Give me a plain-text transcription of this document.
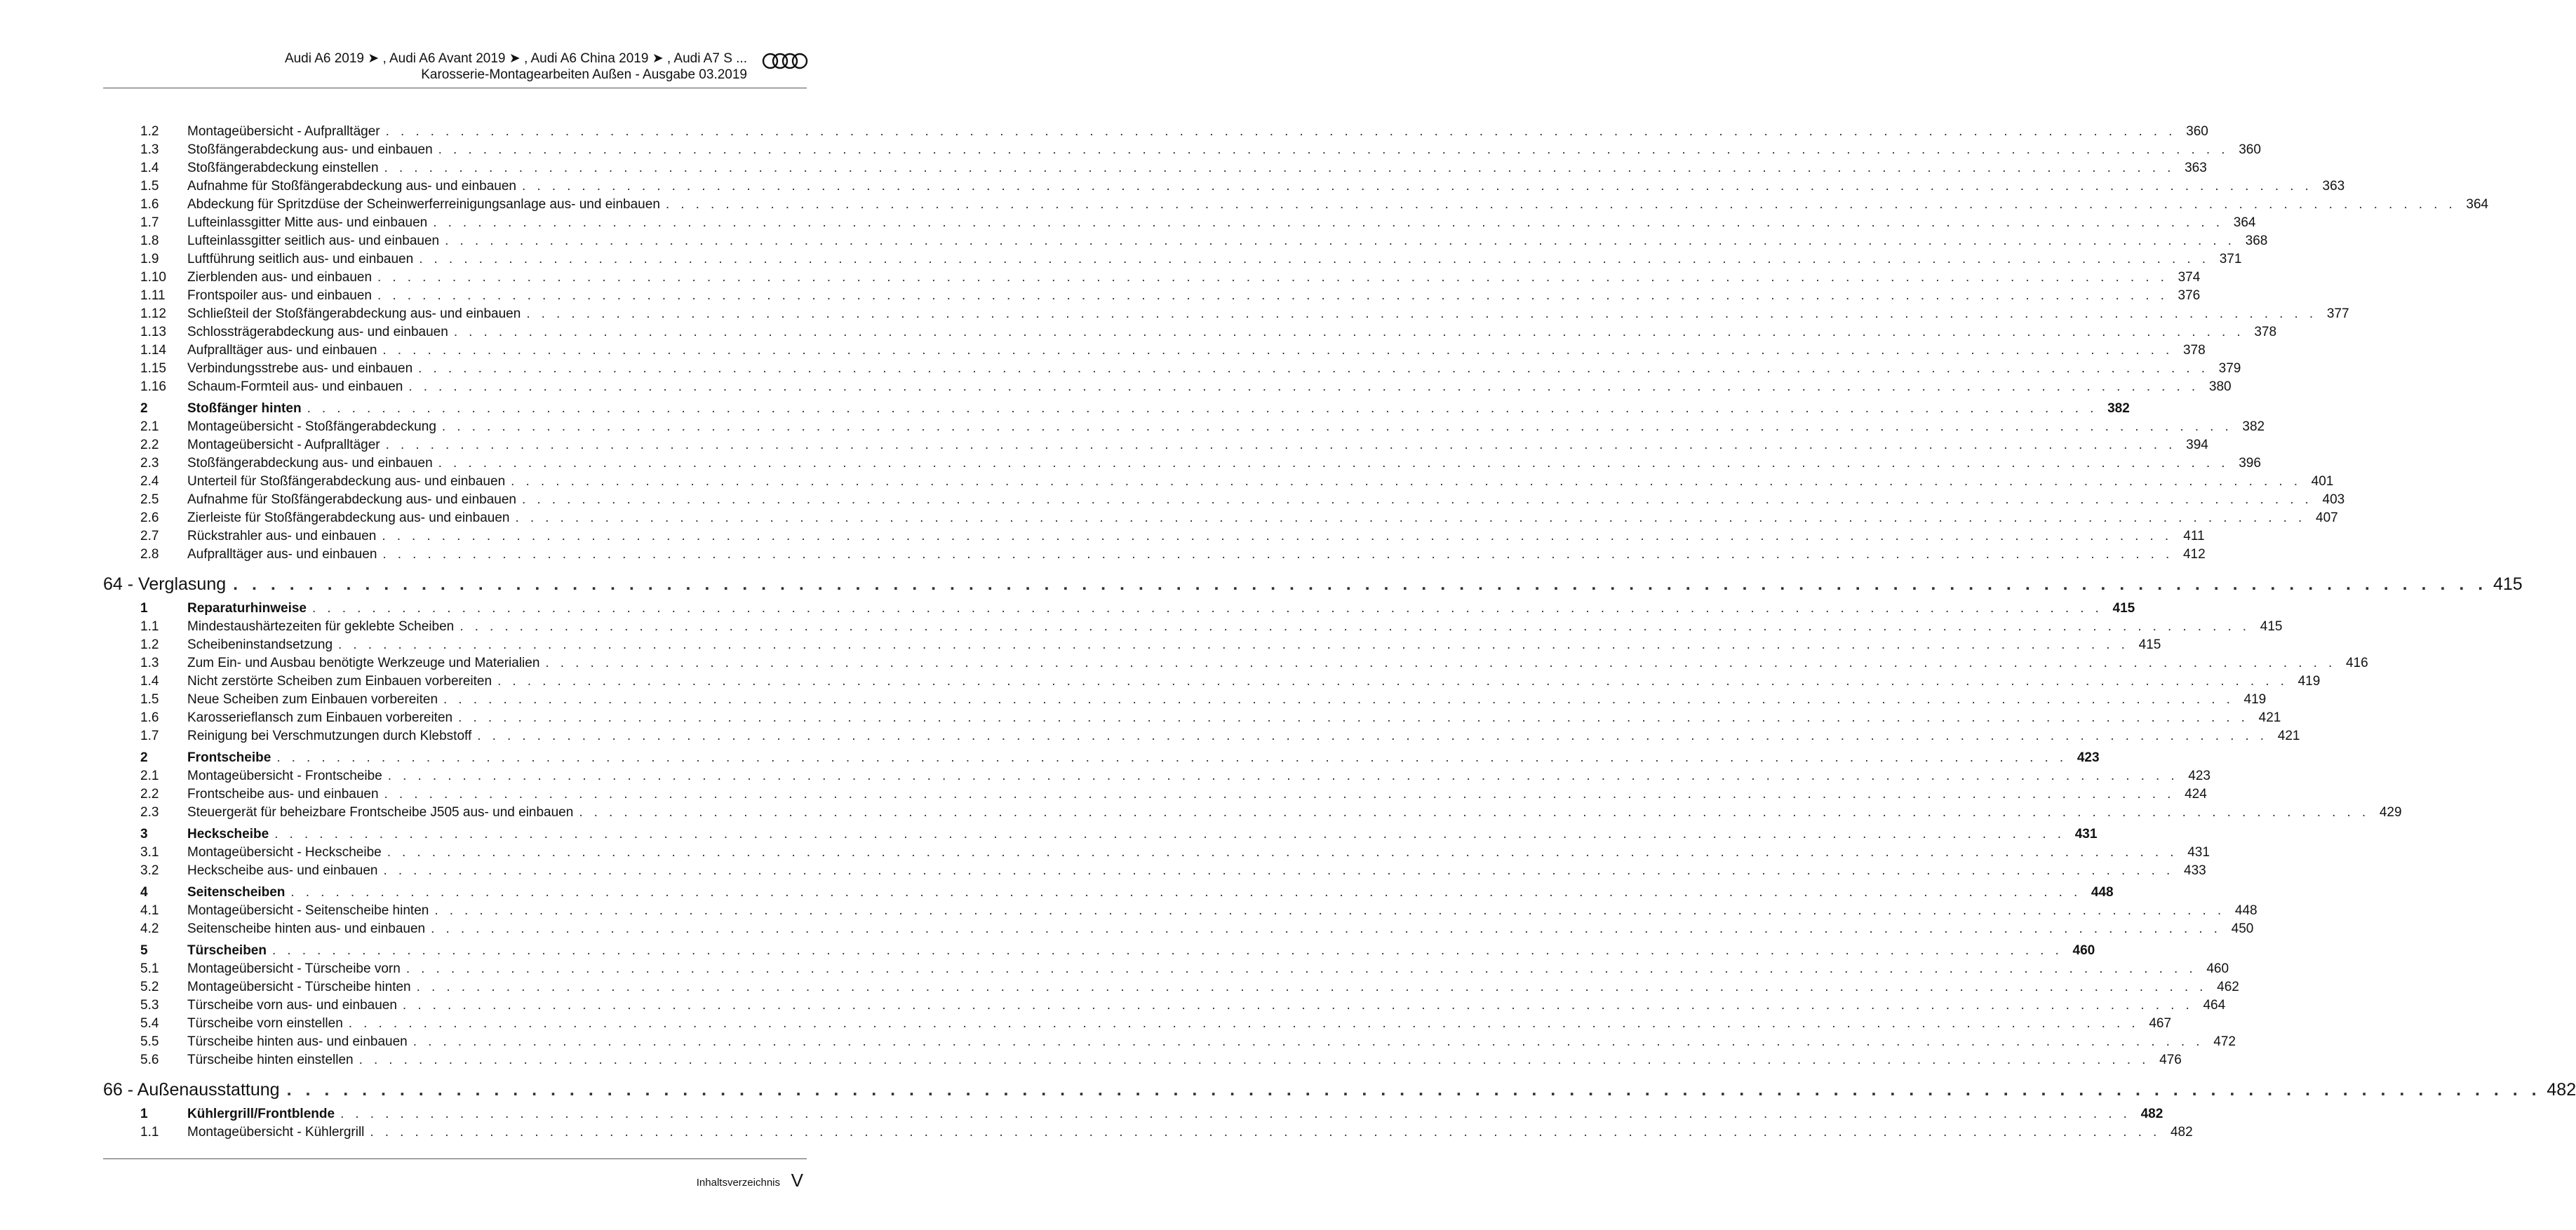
Audi A6 2019 ➤ , Audi A6 Avant 2019 ➤ , Audi A6 China 2019 ➤ , Audi A7 S ...
Karosserie-Montagearbeiten Außen - Ausgabe 03.2019
1.2	Montageübersicht - Aufpralltäger . . . . . . . . . . . . . . . . . . . . . . . . . . . . . . . . . . . . . . . . . . . . . . . . . . . . . . . . . . . . . . . . . . . . . . . . . . . . . . . . . . . . . . . . . . . . . . . . . . . . . . . . . . . . . . . . . . . . . . . . 360
1.3	Stoßfängerabdeckung aus- und einbauen . . . . . . . . . . . . . . . . . . . . . . . . . . . . . . . . . . . . . . . . . . . . . . . . . . . . . . . . . . . . . . . . . . . . . . . . . . . . . . . . . . . . . . . . . . . . . . . . . . . . . . . . . . . . . . . . . . . . . . . . 360
1.4	Stoßfängerabdeckung einstellen . . . . . . . . . . . . . . . . . . . . . . . . . . . . . . . . . . . . . . . . . . . . . . . . . . . . . . . . . . . . . . . . . . . . . . . . . . . . . . . . . . . . . . . . . . . . . . . . . . . . . . . . . . . . . . . . . . . . . . . . 363
1.5	Aufnahme für Stoßfängerabdeckung aus- und einbauen . . . . . . . . . . . . . . . . . . . . . . . . . . . . . . . . . . . . . . . . . . . . . . . . . . . . . . . . . . . . . . . . . . . . . . . . . . . . . . . . . . . . . . . . . . . . . . . . . . . . . . . . . . . . . . . . . . . . . . . . 363
1.6	Abdeckung für Spritzdüse der Scheinwerferreinigungsanlage aus- und einbauen . . . . . . . . . . . . . . . . . . . . . . . . . . . . . . . . . . . . . . . . . . . . . . . . . . . . . . . . . . . . . . . . . . . . . . . . . . . . . . . . . . . . . . . . . . . . . . . . . . . . . . . . . . . . . . . . . . . . . . . . 364
1.7	Lufteinlassgitter Mitte aus- und einbauen . . . . . . . . . . . . . . . . . . . . . . . . . . . . . . . . . . . . . . . . . . . . . . . . . . . . . . . . . . . . . . . . . . . . . . . . . . . . . . . . . . . . . . . . . . . . . . . . . . . . . . . . . . . . . . . . . . . . . . . . 364
1.8	Lufteinlassgitter seitlich aus- und einbauen . . . . . . . . . . . . . . . . . . . . . . . . . . . . . . . . . . . . . . . . . . . . . . . . . . . . . . . . . . . . . . . . . . . . . . . . . . . . . . . . . . . . . . . . . . . . . . . . . . . . . . . . . . . . . . . . . . . . . . . . 368
1.9	Luftführung seitlich aus- und einbauen . . . . . . . . . . . . . . . . . . . . . . . . . . . . . . . . . . . . . . . . . . . . . . . . . . . . . . . . . . . . . . . . . . . . . . . . . . . . . . . . . . . . . . . . . . . . . . . . . . . . . . . . . . . . . . . . . . . . . . . . 371
1.10	Zierblenden aus- und einbauen . . . . . . . . . . . . . . . . . . . . . . . . . . . . . . . . . . . . . . . . . . . . . . . . . . . . . . . . . . . . . . . . . . . . . . . . . . . . . . . . . . . . . . . . . . . . . . . . . . . . . . . . . . . . . . . . . . . . . . . . 374
1.11	Frontspoiler aus- und einbauen . . . . . . . . . . . . . . . . . . . . . . . . . . . . . . . . . . . . . . . . . . . . . . . . . . . . . . . . . . . . . . . . . . . . . . . . . . . . . . . . . . . . . . . . . . . . . . . . . . . . . . . . . . . . . . . . . . . . . . . . 376
1.12	Schließteil der Stoßfängerabdeckung aus- und einbauen . . . . . . . . . . . . . . . . . . . . . . . . . . . . . . . . . . . . . . . . . . . . . . . . . . . . . . . . . . . . . . . . . . . . . . . . . . . . . . . . . . . . . . . . . . . . . . . . . . . . . . . . . . . . . . . . . . . . . . . . 377
1.13	Schlossträgerabdeckung aus- und einbauen . . . . . . . . . . . . . . . . . . . . . . . . . . . . . . . . . . . . . . . . . . . . . . . . . . . . . . . . . . . . . . . . . . . . . . . . . . . . . . . . . . . . . . . . . . . . . . . . . . . . . . . . . . . . . . . . . . . . . . . . 378
1.14	Aufpralltäger aus- und einbauen . . . . . . . . . . . . . . . . . . . . . . . . . . . . . . . . . . . . . . . . . . . . . . . . . . . . . . . . . . . . . . . . . . . . . . . . . . . . . . . . . . . . . . . . . . . . . . . . . . . . . . . . . . . . . . . . . . . . . . . . 378
1.15	Verbindungsstrebe aus- und einbauen . . . . . . . . . . . . . . . . . . . . . . . . . . . . . . . . . . . . . . . . . . . . . . . . . . . . . . . . . . . . . . . . . . . . . . . . . . . . . . . . . . . . . . . . . . . . . . . . . . . . . . . . . . . . . . . . . . . . . . . . 379
1.16	Schaum-Formteil aus- und einbauen . . . . . . . . . . . . . . . . . . . . . . . . . . . . . . . . . . . . . . . . . . . . . . . . . . . . . . . . . . . . . . . . . . . . . . . . . . . . . . . . . . . . . . . . . . . . . . . . . . . . . . . . . . . . . . . . . . . . . . . . 380
2	Stoßfänger hinten . . . . . . . . . . . . . . . . . . . . . . . . . . . . . . . . . . . . . . . . . . . . . . . . . . . . . . . . . . . . . . . . . . . . . . . . . . . . . . . . . . . . . . . . . . . . . . . . . . . . . . . . . . . . . . . . . . . . . . . . 382
2.1	Montageübersicht - Stoßfängerabdeckung . . . . . . . . . . . . . . . . . . . . . . . . . . . . . . . . . . . . . . . . . . . . . . . . . . . . . . . . . . . . . . . . . . . . . . . . . . . . . . . . . . . . . . . . . . . . . . . . . . . . . . . . . . . . . . . . . . . . . . . . 382
2.2	Montageübersicht - Aufpralltäger . . . . . . . . . . . . . . . . . . . . . . . . . . . . . . . . . . . . . . . . . . . . . . . . . . . . . . . . . . . . . . . . . . . . . . . . . . . . . . . . . . . . . . . . . . . . . . . . . . . . . . . . . . . . . . . . . . . . . . . . 394
2.3	Stoßfängerabdeckung aus- und einbauen . . . . . . . . . . . . . . . . . . . . . . . . . . . . . . . . . . . . . . . . . . . . . . . . . . . . . . . . . . . . . . . . . . . . . . . . . . . . . . . . . . . . . . . . . . . . . . . . . . . . . . . . . . . . . . . . . . . . . . . . 396
2.4	Unterteil für Stoßfängerabdeckung aus- und einbauen . . . . . . . . . . . . . . . . . . . . . . . . . . . . . . . . . . . . . . . . . . . . . . . . . . . . . . . . . . . . . . . . . . . . . . . . . . . . . . . . . . . . . . . . . . . . . . . . . . . . . . . . . . . . . . . . . . . . . . . . 401
2.5	Aufnahme für Stoßfängerabdeckung aus- und einbauen . . . . . . . . . . . . . . . . . . . . . . . . . . . . . . . . . . . . . . . . . . . . . . . . . . . . . . . . . . . . . . . . . . . . . . . . . . . . . . . . . . . . . . . . . . . . . . . . . . . . . . . . . . . . . . . . . . . . . . . . 403
2.6	Zierleiste für Stoßfängerabdeckung aus- und einbauen . . . . . . . . . . . . . . . . . . . . . . . . . . . . . . . . . . . . . . . . . . . . . . . . . . . . . . . . . . . . . . . . . . . . . . . . . . . . . . . . . . . . . . . . . . . . . . . . . . . . . . . . . . . . . . . . . . . . . . . . 407
2.7	Rückstrahler aus- und einbauen . . . . . . . . . . . . . . . . . . . . . . . . . . . . . . . . . . . . . . . . . . . . . . . . . . . . . . . . . . . . . . . . . . . . . . . . . . . . . . . . . . . . . . . . . . . . . . . . . . . . . . . . . . . . . . . . . . . . . . . . 411
2.8	Aufpralltäger aus- und einbauen . . . . . . . . . . . . . . . . . . . . . . . . . . . . . . . . . . . . . . . . . . . . . . . . . . . . . . . . . . . . . . . . . . . . . . . . . . . . . . . . . . . . . . . . . . . . . . . . . . . . . . . . . . . . . . . . . . . . . . . . 412
64 - Verglasung . . . . . . . . . . . . . . . . . . . . . . . . . . . . . . . . . . . . . . . . . . . . . . . . . . . . . . . . . . . . . . . . . . . . . . . . . . . . . . . . . . . . . . . . . . . . . . . . . . . . . . . . . . . . . . . . . . . . . . . . 415
1	Reparaturhinweise . . . . . . . . . . . . . . . . . . . . . . . . . . . . . . . . . . . . . . . . . . . . . . . . . . . . . . . . . . . . . . . . . . . . . . . . . . . . . . . . . . . . . . . . . . . . . . . . . . . . . . . . . . . . . . . . . . . . . . . . 415
1.1	Mindestaushärtezeiten für geklebte Scheiben . . . . . . . . . . . . . . . . . . . . . . . . . . . . . . . . . . . . . . . . . . . . . . . . . . . . . . . . . . . . . . . . . . . . . . . . . . . . . . . . . . . . . . . . . . . . . . . . . . . . . . . . . . . . . . . . . . . . . . . . 415
1.2	Scheibeninstandsetzung . . . . . . . . . . . . . . . . . . . . . . . . . . . . . . . . . . . . . . . . . . . . . . . . . . . . . . . . . . . . . . . . . . . . . . . . . . . . . . . . . . . . . . . . . . . . . . . . . . . . . . . . . . . . . . . . . . . . . . . . 415
1.3	Zum Ein- und Ausbau benötigte Werkzeuge und Materialien . . . . . . . . . . . . . . . . . . . . . . . . . . . . . . . . . . . . . . . . . . . . . . . . . . . . . . . . . . . . . . . . . . . . . . . . . . . . . . . . . . . . . . . . . . . . . . . . . . . . . . . . . . . . . . . . . . . . . . . . 416
1.4	Nicht zerstörte Scheiben zum Einbauen vorbereiten . . . . . . . . . . . . . . . . . . . . . . . . . . . . . . . . . . . . . . . . . . . . . . . . . . . . . . . . . . . . . . . . . . . . . . . . . . . . . . . . . . . . . . . . . . . . . . . . . . . . . . . . . . . . . . . . . . . . . . . . 419
1.5	Neue Scheiben zum Einbauen vorbereiten . . . . . . . . . . . . . . . . . . . . . . . . . . . . . . . . . . . . . . . . . . . . . . . . . . . . . . . . . . . . . . . . . . . . . . . . . . . . . . . . . . . . . . . . . . . . . . . . . . . . . . . . . . . . . . . . . . . . . . . . 419
1.6	Karosserieflansch zum Einbauen vorbereiten . . . . . . . . . . . . . . . . . . . . . . . . . . . . . . . . . . . . . . . . . . . . . . . . . . . . . . . . . . . . . . . . . . . . . . . . . . . . . . . . . . . . . . . . . . . . . . . . . . . . . . . . . . . . . . . . . . . . . . . . 421
1.7	Reinigung bei Verschmutzungen durch Klebstoff . . . . . . . . . . . . . . . . . . . . . . . . . . . . . . . . . . . . . . . . . . . . . . . . . . . . . . . . . . . . . . . . . . . . . . . . . . . . . . . . . . . . . . . . . . . . . . . . . . . . . . . . . . . . . . . . . . . . . . . . 421
2	Frontscheibe . . . . . . . . . . . . . . . . . . . . . . . . . . . . . . . . . . . . . . . . . . . . . . . . . . . . . . . . . . . . . . . . . . . . . . . . . . . . . . . . . . . . . . . . . . . . . . . . . . . . . . . . . . . . . . . . . . . . . . . . 423
2.1	Montageübersicht - Frontscheibe . . . . . . . . . . . . . . . . . . . . . . . . . . . . . . . . . . . . . . . . . . . . . . . . . . . . . . . . . . . . . . . . . . . . . . . . . . . . . . . . . . . . . . . . . . . . . . . . . . . . . . . . . . . . . . . . . . . . . . . . 423
2.2	Frontscheibe aus- und einbauen . . . . . . . . . . . . . . . . . . . . . . . . . . . . . . . . . . . . . . . . . . . . . . . . . . . . . . . . . . . . . . . . . . . . . . . . . . . . . . . . . . . . . . . . . . . . . . . . . . . . . . . . . . . . . . . . . . . . . . . . 424
2.3	Steuergerät für beheizbare Frontscheibe J505 aus- und einbauen . . . . . . . . . . . . . . . . . . . . . . . . . . . . . . . . . . . . . . . . . . . . . . . . . . . . . . . . . . . . . . . . . . . . . . . . . . . . . . . . . . . . . . . . . . . . . . . . . . . . . . . . . . . . . . . . . . . . . . . . 429
3	Heckscheibe . . . . . . . . . . . . . . . . . . . . . . . . . . . . . . . . . . . . . . . . . . . . . . . . . . . . . . . . . . . . . . . . . . . . . . . . . . . . . . . . . . . . . . . . . . . . . . . . . . . . . . . . . . . . . . . . . . . . . . . . 431
3.1	Montageübersicht - Heckscheibe . . . . . . . . . . . . . . . . . . . . . . . . . . . . . . . . . . . . . . . . . . . . . . . . . . . . . . . . . . . . . . . . . . . . . . . . . . . . . . . . . . . . . . . . . . . . . . . . . . . . . . . . . . . . . . . . . . . . . . . . 431
3.2	Heckscheibe aus- und einbauen . . . . . . . . . . . . . . . . . . . . . . . . . . . . . . . . . . . . . . . . . . . . . . . . . . . . . . . . . . . . . . . . . . . . . . . . . . . . . . . . . . . . . . . . . . . . . . . . . . . . . . . . . . . . . . . . . . . . . . . . 433
4	Seitenscheiben . . . . . . . . . . . . . . . . . . . . . . . . . . . . . . . . . . . . . . . . . . . . . . . . . . . . . . . . . . . . . . . . . . . . . . . . . . . . . . . . . . . . . . . . . . . . . . . . . . . . . . . . . . . . . . . . . . . . . . . . 448
4.1	Montageübersicht - Seitenscheibe hinten . . . . . . . . . . . . . . . . . . . . . . . . . . . . . . . . . . . . . . . . . . . . . . . . . . . . . . . . . . . . . . . . . . . . . . . . . . . . . . . . . . . . . . . . . . . . . . . . . . . . . . . . . . . . . . . . . . . . . . . . 448
4.2	Seitenscheibe hinten aus- und einbauen . . . . . . . . . . . . . . . . . . . . . . . . . . . . . . . . . . . . . . . . . . . . . . . . . . . . . . . . . . . . . . . . . . . . . . . . . . . . . . . . . . . . . . . . . . . . . . . . . . . . . . . . . . . . . . . . . . . . . . . . 450
5	Türscheiben . . . . . . . . . . . . . . . . . . . . . . . . . . . . . . . . . . . . . . . . . . . . . . . . . . . . . . . . . . . . . . . . . . . . . . . . . . . . . . . . . . . . . . . . . . . . . . . . . . . . . . . . . . . . . . . . . . . . . . . . 460
5.1	Montageübersicht - Türscheibe vorn . . . . . . . . . . . . . . . . . . . . . . . . . . . . . . . . . . . . . . . . . . . . . . . . . . . . . . . . . . . . . . . . . . . . . . . . . . . . . . . . . . . . . . . . . . . . . . . . . . . . . . . . . . . . . . . . . . . . . . . . 460
5.2	Montageübersicht - Türscheibe hinten . . . . . . . . . . . . . . . . . . . . . . . . . . . . . . . . . . . . . . . . . . . . . . . . . . . . . . . . . . . . . . . . . . . . . . . . . . . . . . . . . . . . . . . . . . . . . . . . . . . . . . . . . . . . . . . . . . . . . . . . 462
5.3	Türscheibe vorn aus- und einbauen . . . . . . . . . . . . . . . . . . . . . . . . . . . . . . . . . . . . . . . . . . . . . . . . . . . . . . . . . . . . . . . . . . . . . . . . . . . . . . . . . . . . . . . . . . . . . . . . . . . . . . . . . . . . . . . . . . . . . . . . 464
5.4	Türscheibe vorn einstellen . . . . . . . . . . . . . . . . . . . . . . . . . . . . . . . . . . . . . . . . . . . . . . . . . . . . . . . . . . . . . . . . . . . . . . . . . . . . . . . . . . . . . . . . . . . . . . . . . . . . . . . . . . . . . . . . . . . . . . . . 467
5.5	Türscheibe hinten aus- und einbauen . . . . . . . . . . . . . . . . . . . . . . . . . . . . . . . . . . . . . . . . . . . . . . . . . . . . . . . . . . . . . . . . . . . . . . . . . . . . . . . . . . . . . . . . . . . . . . . . . . . . . . . . . . . . . . . . . . . . . . . . 472
5.6	Türscheibe hinten einstellen . . . . . . . . . . . . . . . . . . . . . . . . . . . . . . . . . . . . . . . . . . . . . . . . . . . . . . . . . . . . . . . . . . . . . . . . . . . . . . . . . . . . . . . . . . . . . . . . . . . . . . . . . . . . . . . . . . . . . . . . 476
66 - Außenausstattung . . . . . . . . . . . . . . . . . . . . . . . . . . . . . . . . . . . . . . . . . . . . . . . . . . . . . . . . . . . . . . . . . . . . . . . . . . . . . . . . . . . . . . . . . . . . . . . . . . . . . . . . . . . . . . . . . . . . . . . . 482
1	Kühlergrill/Frontblende . . . . . . . . . . . . . . . . . . . . . . . . . . . . . . . . . . . . . . . . . . . . . . . . . . . . . . . . . . . . . . . . . . . . . . . . . . . . . . . . . . . . . . . . . . . . . . . . . . . . . . . . . . . . . . . . . . . . . . . . 482
1.1	Montageübersicht - Kühlergrill . . . . . . . . . . . . . . . . . . . . . . . . . . . . . . . . . . . . . . . . . . . . . . . . . . . . . . . . . . . . . . . . . . . . . . . . . . . . . . . . . . . . . . . . . . . . . . . . . . . . . . . . . . . . . . . . . . . . . . . . 482
Inhaltsverzeichnis V
